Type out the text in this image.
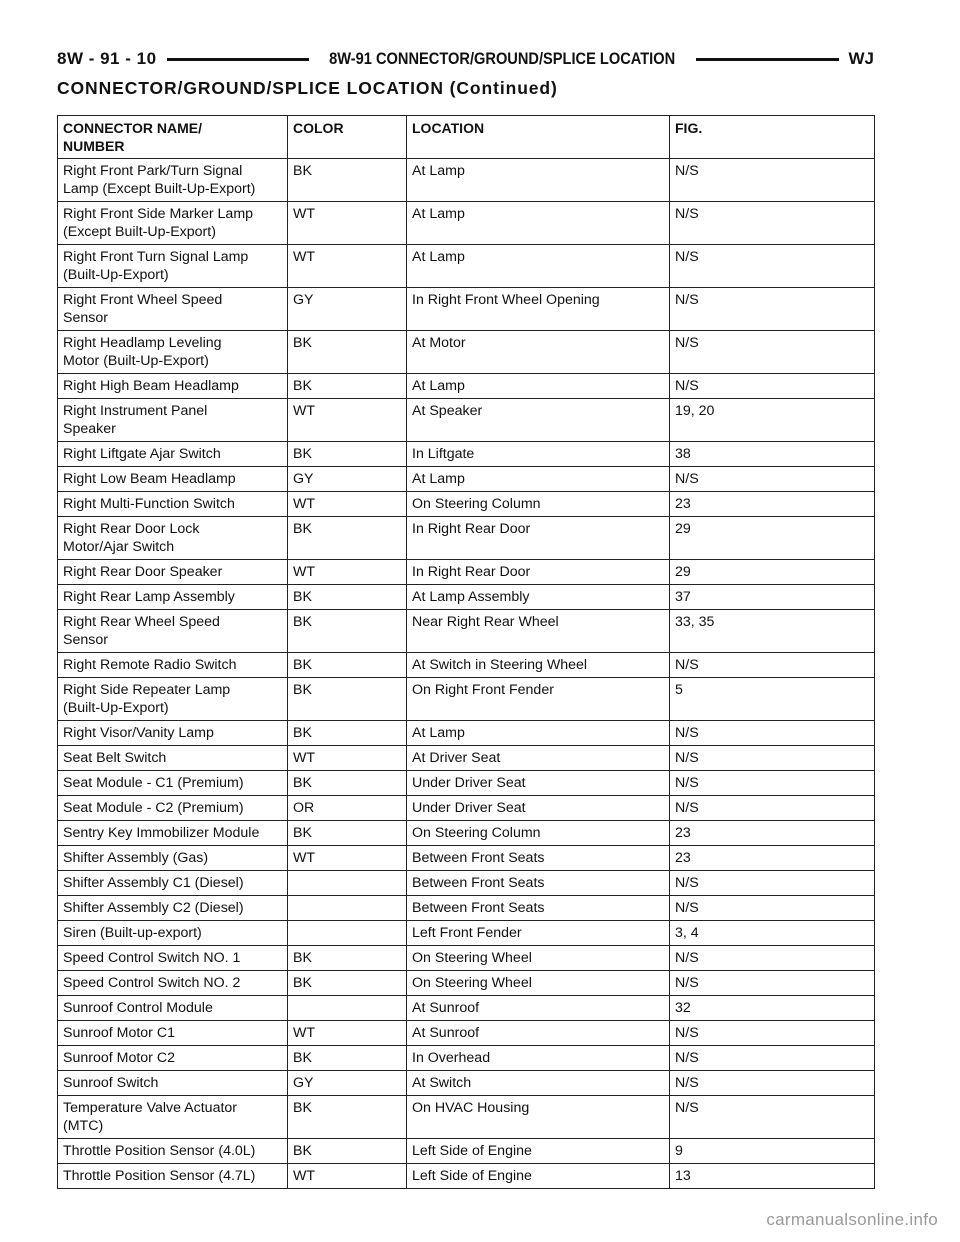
8W - 91 - 10	8W-91 CONNECTOR/GROUND/SPLICE LOCATION	WJ
CONNECTOR/GROUND/SPLICE LOCATION (Continued)
CONNECTOR NAME/
NUMBER	COLOR	LOCATION	FIG.
Right Front Park/Turn Signal
Lamp (Except Built-Up-Export)	BK	At Lamp	N/S
Right Front Side Marker Lamp
(Except Built-Up-Export)	WT	At Lamp	N/S
Right Front Turn Signal Lamp
(Built-Up-Export)	WT	At Lamp	N/S
Right Front Wheel Speed
Sensor	GY	In Right Front Wheel Opening	N/S
Right Headlamp Leveling
Motor (Built-Up-Export)	BK	At Motor	N/S
Right High Beam Headlamp	BK	At Lamp	N/S
Right Instrument Panel
Speaker	WT	At Speaker	19, 20
Right Liftgate Ajar Switch	BK	In Liftgate	38
Right Low Beam Headlamp	GY	At Lamp	N/S
Right Multi-Function Switch	WT	On Steering Column	23
Right Rear Door Lock
Motor/Ajar Switch	BK	In Right Rear Door	29
Right Rear Door Speaker	WT	In Right Rear Door	29
Right Rear Lamp Assembly	BK	At Lamp Assembly	37
Right Rear Wheel Speed
Sensor	BK	Near Right Rear Wheel	33, 35
Right Remote Radio Switch	BK	At Switch in Steering Wheel	N/S
Right Side Repeater Lamp
(Built-Up-Export)	BK	On Right Front Fender	5
Right Visor/Vanity Lamp	BK	At Lamp	N/S
Seat Belt Switch	WT	At Driver Seat	N/S
Seat Module - C1 (Premium)	BK	Under Driver Seat	N/S
Seat Module - C2 (Premium)	OR	Under Driver Seat	N/S
Sentry Key Immobilizer Module	BK	On Steering Column	23
Shifter Assembly (Gas)	WT	Between Front Seats	23
Shifter Assembly C1 (Diesel)		Between Front Seats	N/S
Shifter Assembly C2 (Diesel)		Between Front Seats	N/S
Siren (Built-up-export)		Left Front Fender	3, 4
Speed Control Switch NO. 1	BK	On Steering Wheel	N/S
Speed Control Switch NO. 2	BK	On Steering Wheel	N/S
Sunroof Control Module		At Sunroof	32
Sunroof Motor C1	WT	At Sunroof	N/S
Sunroof Motor C2	BK	In Overhead	N/S
Sunroof Switch	GY	At Switch	N/S
Temperature Valve Actuator
(MTC)	BK	On HVAC Housing	N/S
Throttle Position Sensor (4.0L)	BK	Left Side of Engine	9
Throttle Position Sensor (4.7L)	WT	Left Side of Engine	13
carmanualsonline.info
